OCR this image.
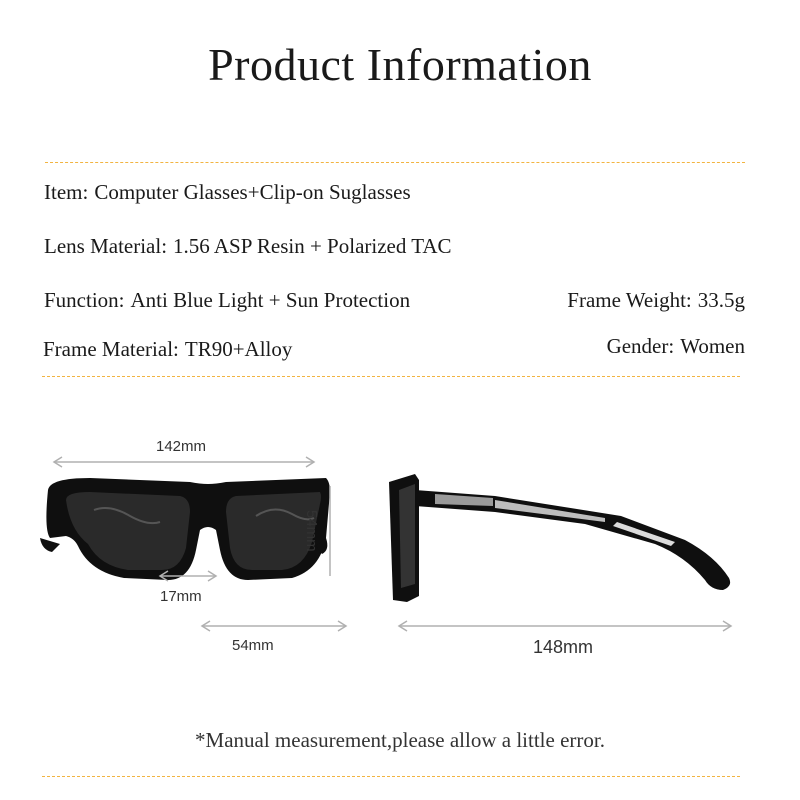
Product Information
Item: Computer Glasses+Clip-on Suglasses
Lens Material: 1.56 ASP Resin + Polarized TAC
Function: Anti Blue Light + Sun Protection	Frame Weight: 33.5g
Frame Material: TR90+Alloy	Gender: Women
142mm
54mm
17mm
54mm	148mm
*Manual measurement,please allow a little error.
